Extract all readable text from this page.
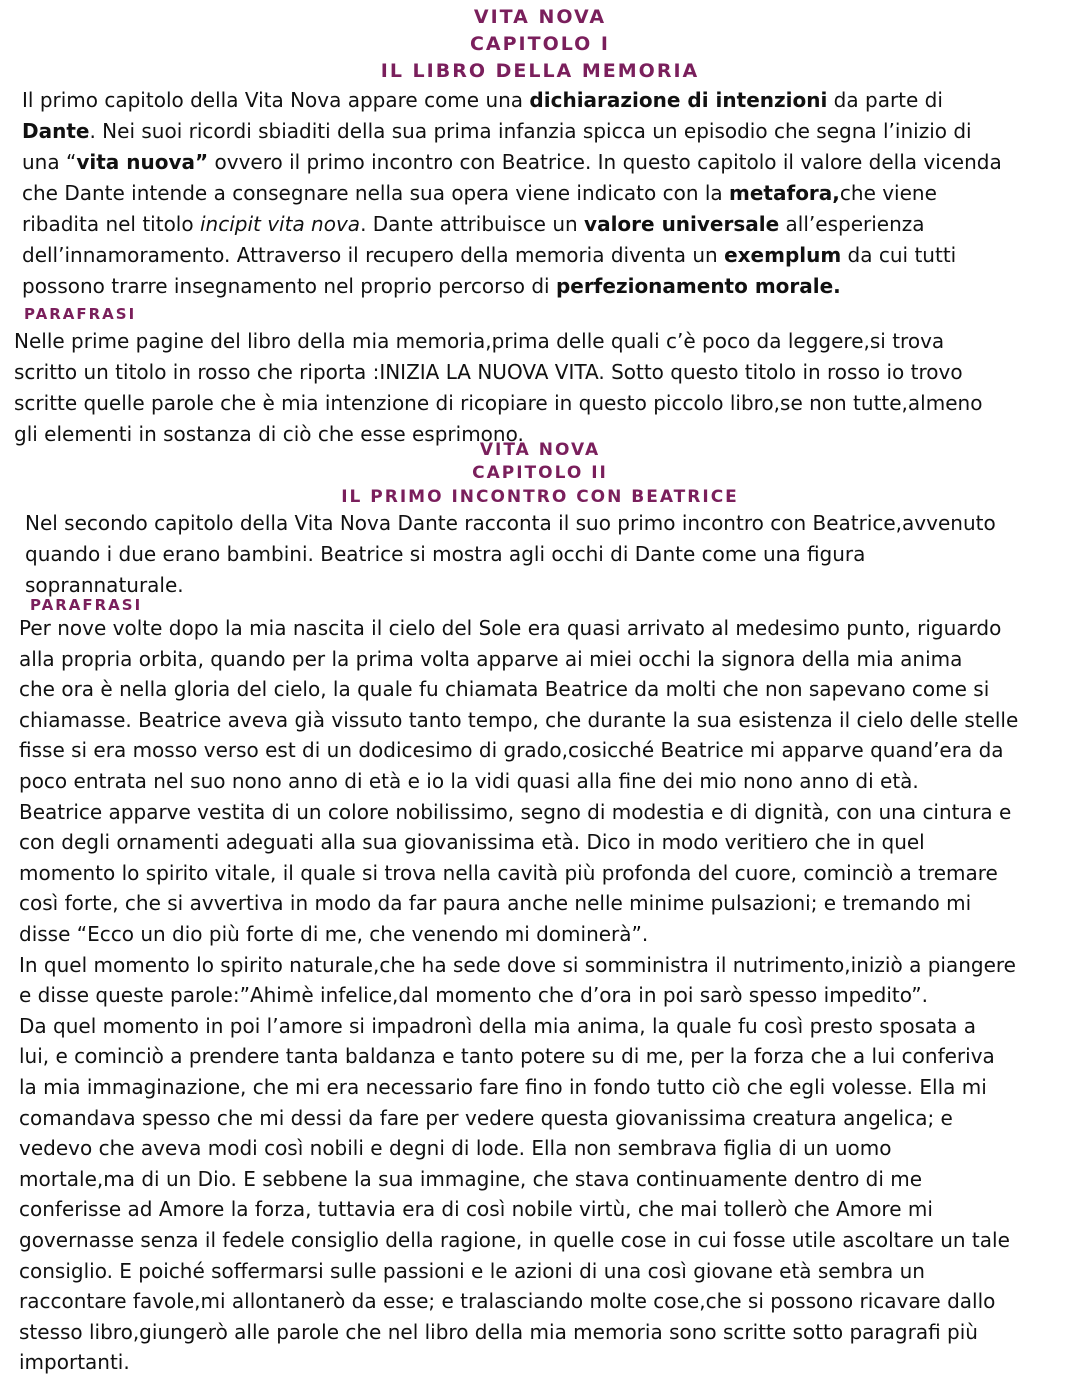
VITA NOVA
CAPITOLO I
IL LIBRO DELLA MEMORIA
Il primo capitolo della Vita Nova appare come una dichiarazione di intenzioni da parte di
Dante. Nei suoi ricordi sbiaditi della sua prima infanzia spicca un episodio che segna l’inizio di
una “vita nuova” ovvero il primo incontro con Beatrice. In questo capitolo il valore della vicenda
che Dante intende a consegnare nella sua opera viene indicato con la metafora,che viene
ribadita nel titolo incipit vita nova. Dante attribuisce un valore universale all’esperienza
dell’innamoramento. Attraverso il recupero della memoria diventa un exemplum da cui tutti
possono trarre insegnamento nel proprio percorso di perfezionamento morale.
PARAFRASI
Nelle prime pagine del libro della mia memoria,prima delle quali c’è poco da leggere,si trova
scritto un titolo in rosso che riporta :INIZIA LA NUOVA VITA. Sotto questo titolo in rosso io trovo
scritte quelle parole che è mia intenzione di ricopiare in questo piccolo libro,se non tutte,almeno
gli elementi in sostanza di ciò che esse esprimono.
VITA NOVA
CAPITOLO II
IL PRIMO INCONTRO CON BEATRICE
Nel secondo capitolo della Vita Nova Dante racconta il suo primo incontro con Beatrice,avvenuto
quando i due erano bambini. Beatrice si mostra agli occhi di Dante come una figura
soprannaturale.
PARAFRASI
Per nove volte dopo la mia nascita il cielo del Sole era quasi arrivato al medesimo punto, riguardo
alla propria orbita, quando per la prima volta apparve ai miei occhi la signora della mia anima
che ora è nella gloria del cielo, la quale fu chiamata Beatrice da molti che non sapevano come si
chiamasse. Beatrice aveva già vissuto tanto tempo, che durante la sua esistenza il cielo delle stelle
fisse si era mosso verso est di un dodicesimo di grado,cosicché Beatrice mi apparve quand’era da
poco entrata nel suo nono anno di età e io la vidi quasi alla fine dei mio nono anno di età.
Beatrice apparve vestita di un colore nobilissimo, segno di modestia e di dignità, con una cintura e
con degli ornamenti adeguati alla sua giovanissima età. Dico in modo veritiero che in quel
momento lo spirito vitale, il quale si trova nella cavità più profonda del cuore, cominciò a tremare
così forte, che si avvertiva in modo da far paura anche nelle minime pulsazioni; e tremando mi
disse “Ecco un dio più forte di me, che venendo mi dominerà”.
In quel momento lo spirito naturale,che ha sede dove si somministra il nutrimento,iniziò a piangere
e disse queste parole:”Ahimè infelice,dal momento che d’ora in poi sarò spesso impedito”.
Da quel momento in poi l’amore si impadronì della mia anima, la quale fu così presto sposata a
lui, e cominciò a prendere tanta baldanza e tanto potere su di me, per la forza che a lui conferiva
la mia immaginazione, che mi era necessario fare fino in fondo tutto ciò che egli volesse. Ella mi
comandava spesso che mi dessi da fare per vedere questa giovanissima creatura angelica; e
vedevo che aveva modi così nobili e degni di lode. Ella non sembrava figlia di un uomo
mortale,ma di un Dio. E sebbene la sua immagine, che stava continuamente dentro di me
conferisse ad Amore la forza, tuttavia era di così nobile virtù, che mai tollerò che Amore mi
governasse senza il fedele consiglio della ragione, in quelle cose in cui fosse utile ascoltare un tale
consiglio. E poiché soffermarsi sulle passioni e le azioni di una così giovane età sembra un
raccontare favole,mi allontanerò da esse; e tralasciando molte cose,che si possono ricavare dallo
stesso libro,giungerò alle parole che nel libro della mia memoria sono scritte sotto paragrafi più
importanti.
